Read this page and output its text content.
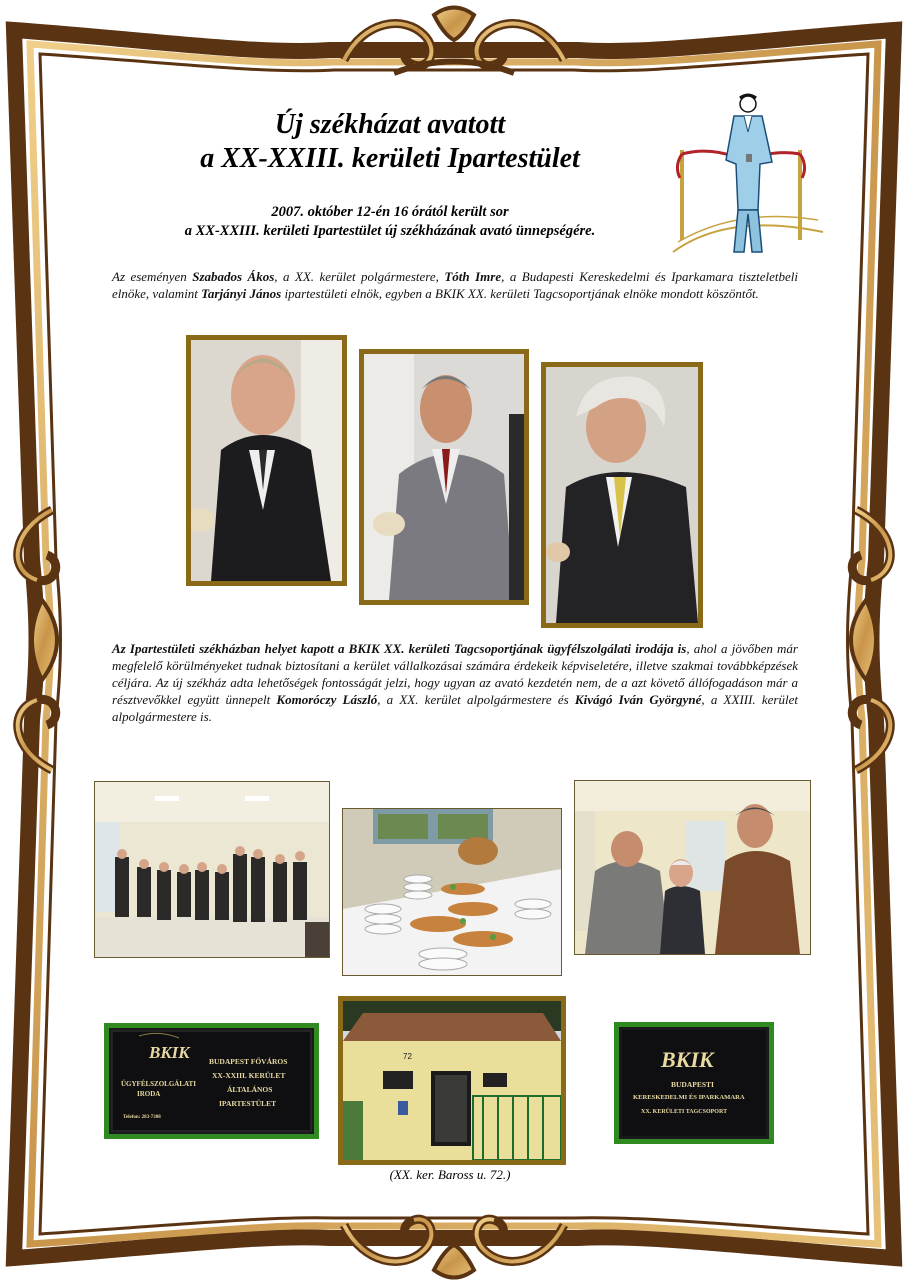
Új székházat avatott
a XX-XXIII. kerületi Ipartestület
2007. október 12-én 16 órától került sor
a XX-XXIII. kerületi Ipartestület új székházának avató ünnepségére.
Az eseményen Szabados Ákos, a XX. kerület polgármestere, Tóth Imre, a Budapesti Kereskedelmi és Iparkamara tiszteletbeli elnöke, valamint Tarjányi János ipartestületi elnök, egyben a BKIK XX. kerületi Tagcsoportjának elnöke mondott köszöntőt.
Az Ipartestületi székházban helyet kapott a BKIK XX. kerületi Tagcsoportjának ügyfélszolgálati irodája is, ahol a jövőben már megfelelő körülményeket tudnak biztosítani a kerület vállalkozásai számára érdekeik képviseletére, illetve szakmai továbbképzések céljára. Az új székház adta lehetőségek fontosságát jelzi, hogy ugyan az avató kezdetén nem, de a azt követő állófogadáson már a résztvevőkkel együtt ünnepelt Komoróczy László, a XX. kerület alpolgármestere és Kivágó Iván Györgyné, a XXIII. kerület alpolgármestere is.
BKIK
ÜGYFÉLSZOLGÁLATI
IRODA
Telefon: 283-7308
BUDAPEST FŐVÁROS
XX-XXIII. KERÜLET
ÁLTALÁNOS
IPARTESTÜLET
72	BKIK
BUDAPESTI
KERESKEDELMI ÉS IPARKAMARA
XX. KERÜLETI TAGCSOPORT
(XX. ker. Baross u. 72.)
